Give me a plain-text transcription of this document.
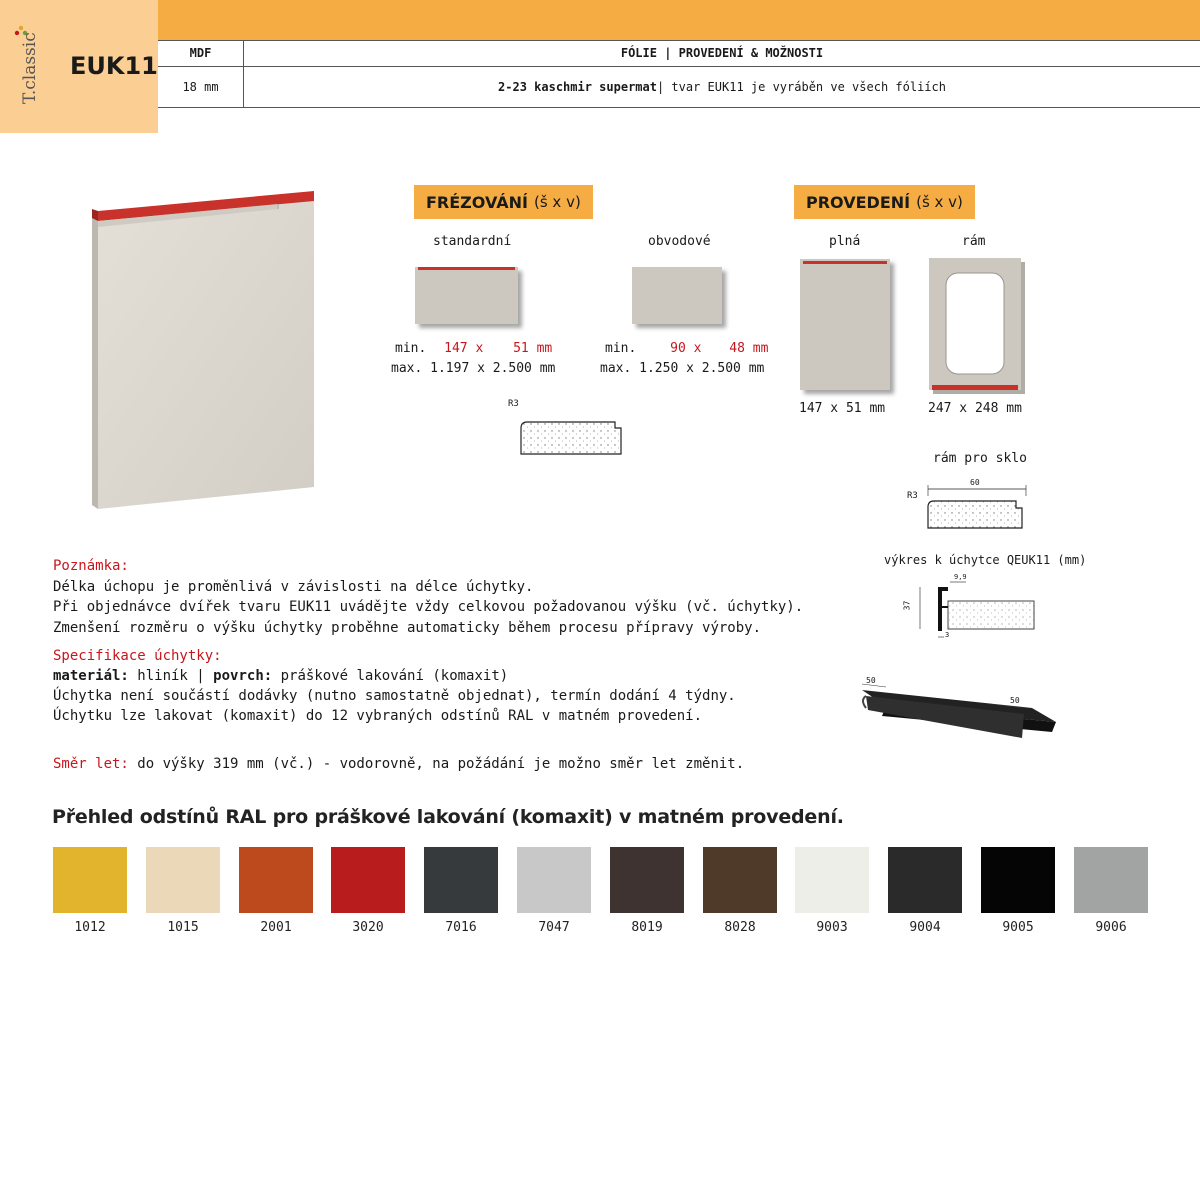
T.classic EUK11	MDF	FÓLIE | PROVEDENÍ & MOŽNOSTI
18 mm	2-23 kaschmir supermat | tvar EUK11 je vyráběn ve všech fóliích
FRÉZOVÁNÍ (š x v)
standardní	obvodové
min. 147 x 51 mm
max. 1.197 x 2.500 mm
min.	90 x 48 mm
max. 1.250 x 2.500 mm
R3
PROVEDENÍ (š x v)
plná	rám
147 x 51 mm	247 x 248 mm
rám pro sklo
R3
60
výkres k úchytce QEUK11 (mm)
9,9
37
3
50
50
Poznámka:
Délka úchopu je proměnlivá v závislosti na délce úchytky.
Při objednávce dvířek tvaru EUK11 uvádějte vždy celkovou požadovanou výšku (vč. úchytky).
Zmenšení rozměru o výšku úchytky proběhne automaticky během procesu přípravy výroby.
Specifikace úchytky:
materiál: hliník | povrch: práškové lakování (komaxit)
Úchytka není součástí dodávky (nutno samostatně objednat), termín dodání 4 týdny.
Úchytku lze lakovat (komaxit) do 12 vybraných odstínů RAL v matném provedení.
Směr let: do výšky 319 mm (vč.) - vodorovně, na požádání je možno směr let změnit.
Přehled odstínů RAL pro práškové lakování (komaxit) v matném provedení.
1012	1015	2001	3020	7016	7047	8019	8028	9003	9004	9005	9006
